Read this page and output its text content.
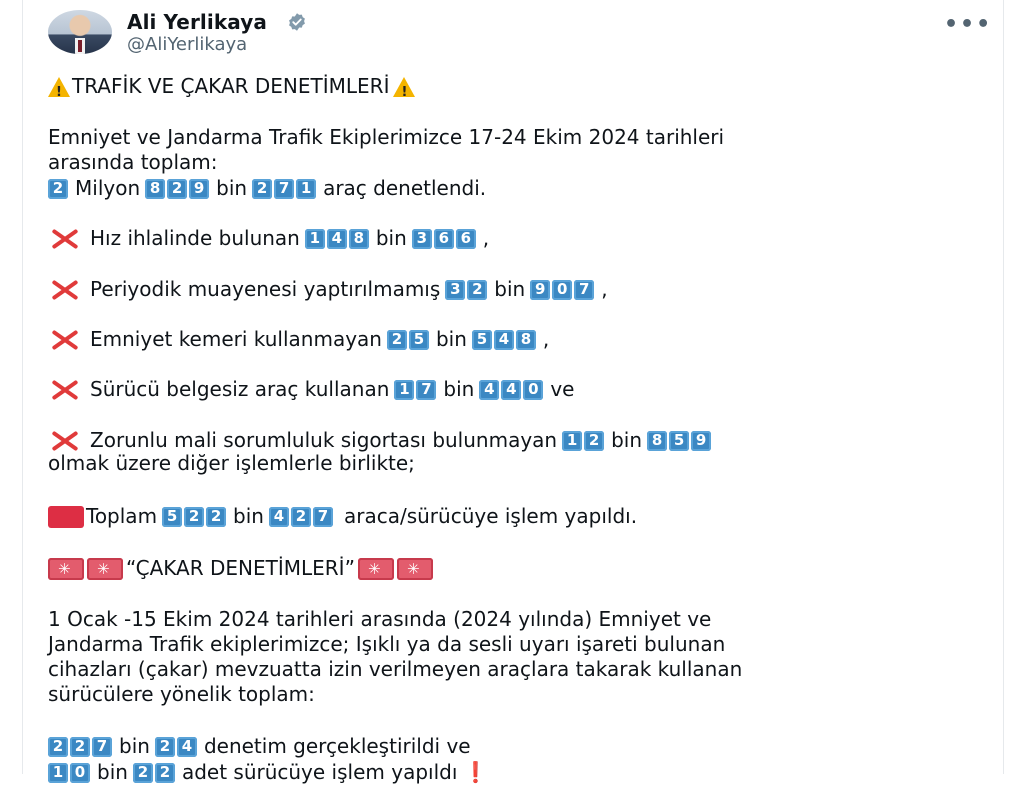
Ali Yerlikaya
@AliYerlikaya
•••
!
TRAFİK VE ÇAKAR DENETİMLERİ
!
Emniyet ve Jandarma Trafik Ekiplerimizce 17-24 Ekim 2024 tarihleri
arasında toplam:
2 Milyon 8 2 9 bin 2 7 1 araç denetlendi.
Hız ihlalinde bulunan 1 4 8 bin 3 6 6 ,
Periyodik muayenesi yaptırılmamış 3 2 bin 9 0 7 ,
Emniyet kemeri kullanmayan 2 5 bin 5 4 8 ,
Sürücü belgesiz araç kullanan 1 7 bin 4 4 0 ve
Zorunlu mali sorumluluk sigortası bulunmayan 1 2 bin 8 5 9
olmak üzere diğer işlemlerle birlikte;
Toplam 5 2 2 bin 4 2 7 araca/sürücüye işlem yapıldı.
✳
✳
“ÇAKAR DENETİMLERİ”
✳
✳
1 Ocak -15 Ekim 2024 tarihleri arasında (2024 yılında) Emniyet ve
Jandarma Trafik ekiplerimizce; Işıklı ya da sesli uyarı işareti bulunan
cihazları (çakar) mevzuatta izin verilmeyen araçlara takarak kullanan
sürücülere yönelik toplam:
2 2 7 bin 2 4 denetim gerçekleştirildi ve
1 0 bin 2 2 adet sürücüye işlem yapıldı ❗
